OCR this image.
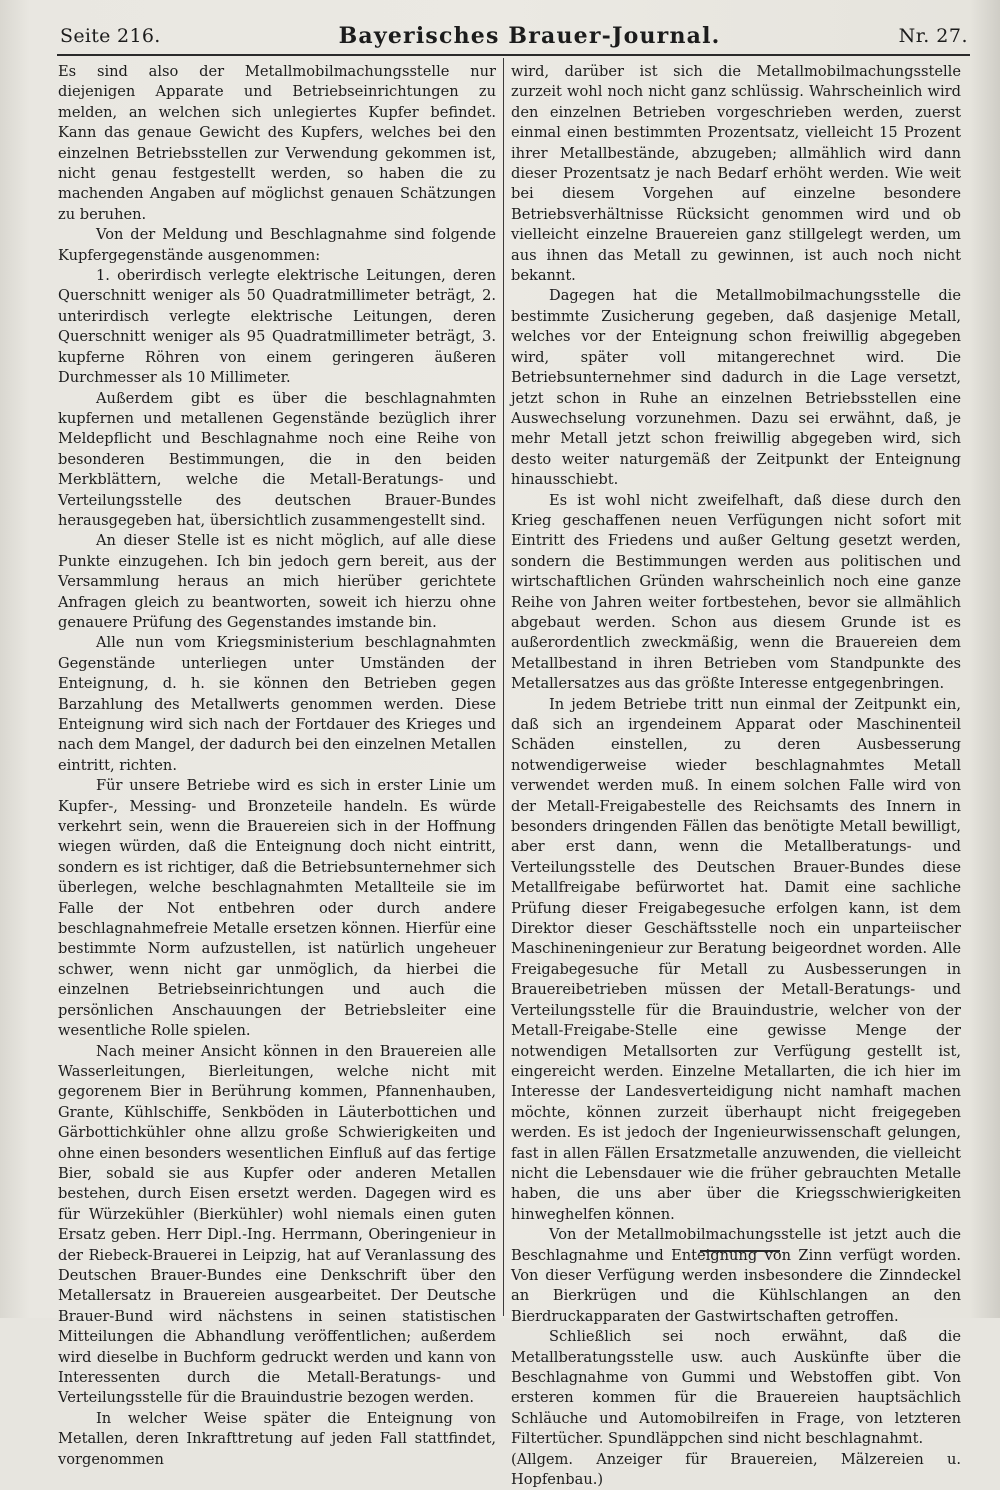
Seite 216.	Bayerisches Brauer-Journal.	Nr. 27.

Es sind also der Metallmobilmachungsstelle nur diejenigen Apparate und Betriebseinrichtungen zu melden, an welchen sich unlegiertes Kupfer befindet. Kann das genaue Gewicht des Kupfers, welches bei den einzelnen Betriebsstellen zur Verwendung gekommen ist, nicht genau festgestellt werden, so haben die zu machenden Angaben auf möglichst genauen Schätzungen zu beruhen.

Von der Meldung und Beschlagnahme sind folgende Kupfergegenstände ausgenommen:

1. oberirdisch verlegte elektrische Leitungen, deren Querschnitt weniger als 50 Quadratmillimeter beträgt, 2. unterirdisch verlegte elektrische Leitungen, deren Querschnitt weniger als 95 Quadratmillimeter beträgt, 3. kupferne Röhren von einem geringeren äußeren Durchmesser als 10 Millimeter.

Außerdem gibt es über die beschlagnahmten kupfernen und metallenen Gegenstände bezüglich ihrer Meldepflicht und Beschlagnahme noch eine Reihe von besonderen Bestimmungen, die in den beiden Merkblättern, welche die Metall-Beratungs- und Verteilungsstelle des deutschen Brauer-Bundes herausgegeben hat, übersichtlich zusammengestellt sind.

An dieser Stelle ist es nicht möglich, auf alle diese Punkte einzugehen. Ich bin jedoch gern bereit, aus der Versammlung heraus an mich hierüber gerichtete Anfragen gleich zu beantworten, soweit ich hierzu ohne genauere Prüfung des Gegenstandes imstande bin.

Alle nun vom Kriegsministerium beschlagnahmten Gegenstände unterliegen unter Umständen der Enteignung, d. h. sie können den Betrieben gegen Barzahlung des Metallwerts genommen werden. Diese Enteignung wird sich nach der Fortdauer des Krieges und nach dem Mangel, der dadurch bei den einzelnen Metallen eintritt, richten.

Für unsere Betriebe wird es sich in erster Linie um Kupfer-, Messing- und Bronzeteile handeln. Es würde verkehrt sein, wenn die Brauereien sich in der Hoffnung wiegen würden, daß die Enteignung doch nicht eintritt, sondern es ist richtiger, daß die Betriebsunternehmer sich überlegen, welche beschlagnahmten Metallteile sie im Falle der Not entbehren oder durch andere beschlagnahmefreie Metalle ersetzen können. Hierfür eine bestimmte Norm aufzustellen, ist natürlich ungeheuer schwer, wenn nicht gar unmöglich, da hierbei die einzelnen Betriebseinrichtungen und auch die persönlichen Anschauungen der Betriebsleiter eine wesentliche Rolle spielen.

Nach meiner Ansicht können in den Brauereien alle Wasserleitungen, Bierleitungen, welche nicht mit gegorenem Bier in Berührung kommen, Pfannenhauben, Grante, Kühlschiffe, Senkböden in Läuterbottichen und Gärbottichkühler ohne allzu große Schwierigkeiten und ohne einen besonders wesentlichen Einfluß auf das fertige Bier, sobald sie aus Kupfer oder anderen Metallen bestehen, durch Eisen ersetzt werden. Dagegen wird es für Würzekühler (Bierkühler) wohl niemals einen guten Ersatz geben. Herr Dipl.-Ing. Herrmann, Oberingenieur in der Riebeck-Brauerei in Leipzig, hat auf Veranlassung des Deutschen Brauer-Bundes eine Denkschrift über den Metallersatz in Brauereien ausgearbeitet. Der Deutsche Brauer-Bund wird nächstens in seinen statistischen Mitteilungen die Abhandlung veröffentlichen; außerdem wird dieselbe in Buchform gedruckt werden und kann von Interessenten durch die Metall-Beratungs- und Verteilungsstelle für die Brauindustrie bezogen werden.

In welcher Weise später die Enteignung von Metallen, deren Inkrafttretung auf jeden Fall stattfindet, vorgenommen

wird, darüber ist sich die Metallmobilmachungsstelle zurzeit wohl noch nicht ganz schlüssig. Wahrscheinlich wird den einzelnen Betrieben vorgeschrieben werden, zuerst einmal einen bestimmten Prozentsatz, vielleicht 15 Prozent ihrer Metallbestände, abzugeben; allmählich wird dann dieser Prozentsatz je nach Bedarf erhöht werden. Wie weit bei diesem Vorgehen auf einzelne besondere Betriebsverhältnisse Rücksicht genommen wird und ob vielleicht einzelne Brauereien ganz stillgelegt werden, um aus ihnen das Metall zu gewinnen, ist auch noch nicht bekannt.

Dagegen hat die Metallmobilmachungsstelle die bestimmte Zusicherung gegeben, daß dasjenige Metall, welches vor der Enteignung schon freiwillig abgegeben wird, später voll mitangerechnet wird. Die Betriebsunternehmer sind dadurch in die Lage versetzt, jetzt schon in Ruhe an einzelnen Betriebsstellen eine Auswechselung vorzunehmen. Dazu sei erwähnt, daß, je mehr Metall jetzt schon freiwillig abgegeben wird, sich desto weiter naturgemäß der Zeitpunkt der Enteignung hinausschiebt.

Es ist wohl nicht zweifelhaft, daß diese durch den Krieg geschaffenen neuen Verfügungen nicht sofort mit Eintritt des Friedens und außer Geltung gesetzt werden, sondern die Bestimmungen werden aus politischen und wirtschaftlichen Gründen wahrscheinlich noch eine ganze Reihe von Jahren weiter fortbestehen, bevor sie allmählich abgebaut werden. Schon aus diesem Grunde ist es außerordentlich zweckmäßig, wenn die Brauereien dem Metallbestand in ihren Betrieben vom Standpunkte des Metallersatzes aus das größte Interesse entgegenbringen.

In jedem Betriebe tritt nun einmal der Zeitpunkt ein, daß sich an irgendeinem Apparat oder Maschinenteil Schäden einstellen, zu deren Ausbesserung notwendigerweise wieder beschlagnahmtes Metall verwendet werden muß. In einem solchen Falle wird von der Metall-Freigabestelle des Reichsamts des Innern in besonders dringenden Fällen das benötigte Metall bewilligt, aber erst dann, wenn die Metallberatungs- und Verteilungsstelle des Deutschen Brauer-Bundes diese Metallfreigabe befürwortet hat. Damit eine sachliche Prüfung dieser Freigabegesuche erfolgen kann, ist dem Direktor dieser Geschäftsstelle noch ein unparteiischer Maschineningenieur zur Beratung beigeordnet worden. Alle Freigabegesuche für Metall zu Ausbesserungen in Brauereibetrieben müssen der Metall-Beratungs- und Verteilungsstelle für die Brauindustrie, welcher von der Metall-Freigabe-Stelle eine gewisse Menge der notwendigen Metallsorten zur Verfügung gestellt ist, eingereicht werden. Einzelne Metallarten, die ich hier im Interesse der Landesverteidigung nicht namhaft machen möchte, können zurzeit überhaupt nicht freigegeben werden. Es ist jedoch der Ingenieurwissenschaft gelungen, fast in allen Fällen Ersatzmetalle anzuwenden, die vielleicht nicht die Lebensdauer wie die früher gebrauchten Metalle haben, die uns aber über die Kriegsschwierigkeiten hinweghelfen können.

Von der Metallmobilmachungsstelle ist jetzt auch die Beschlagnahme und Enteignung von Zinn verfügt worden. Von dieser Verfügung werden insbesondere die Zinndeckel an Bierkrügen und die Kühlschlangen an den Bierdruckapparaten der Gastwirtschaften getroffen.

Schließlich sei noch erwähnt, daß die Metallberatungsstelle usw. auch Auskünfte über die Beschlagnahme von Gummi und Webstoffen gibt. Von ersteren kommen für die Brauereien hauptsächlich Schläuche und Automobilreifen in Frage, von letzteren Filtertücher. Spundläppchen sind nicht beschlagnahmt.

(Allgem. Anzeiger für Brauereien, Mälzereien u. Hopfenbau.)
